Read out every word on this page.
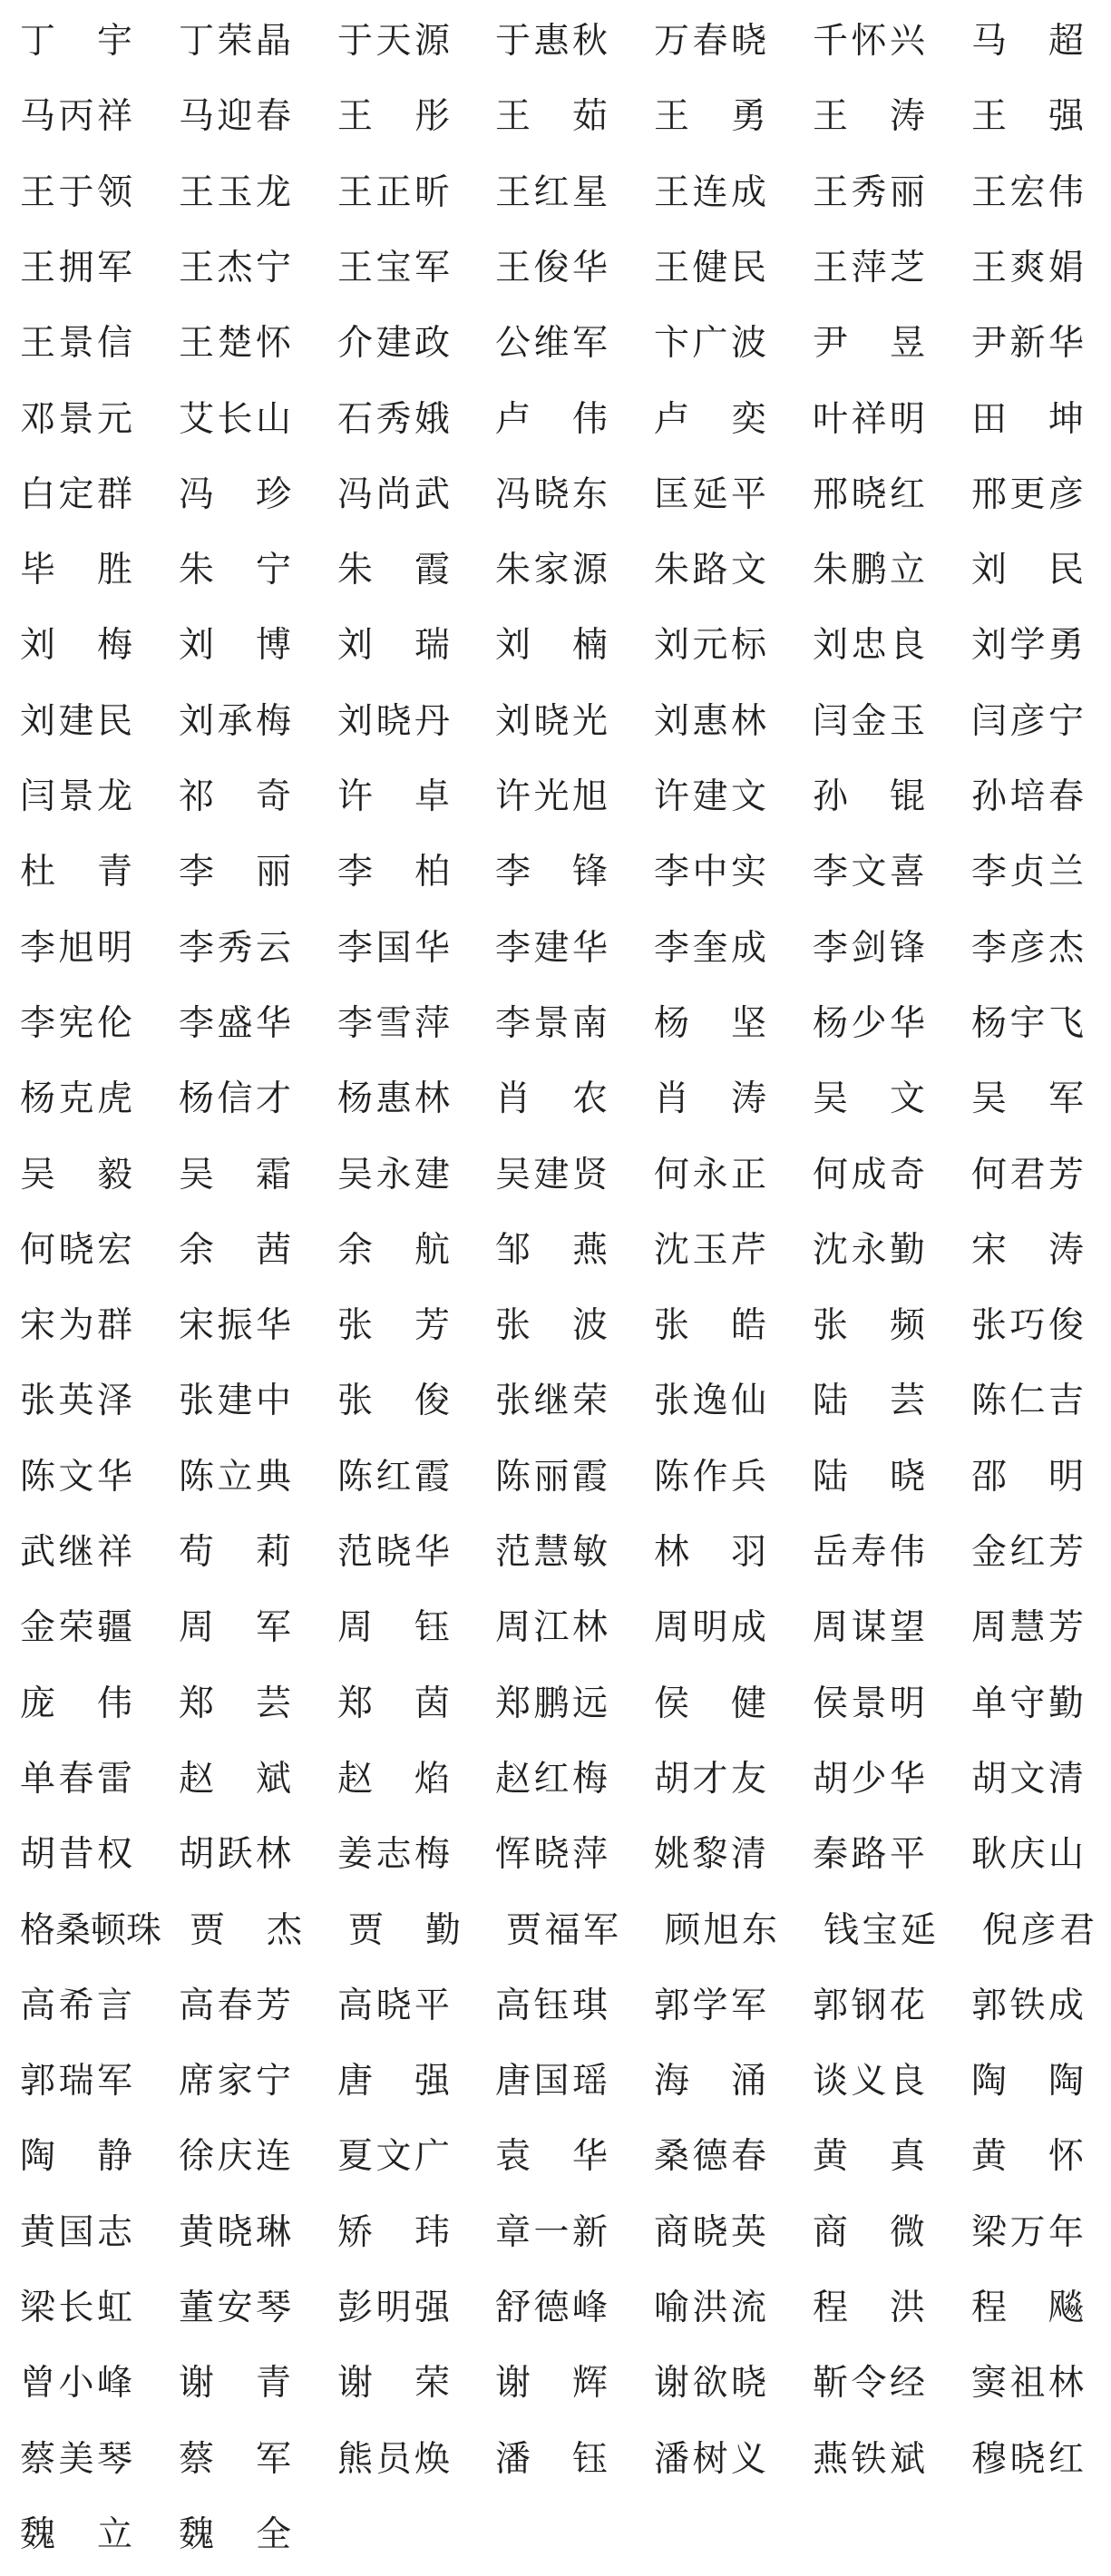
丁　宇 丁荣晶 于天源 于惠秋 万春晓 千怀兴 马　超
马丙祥 马迎春 王　彤 王　茹 王　勇 王　涛 王　强
王于领 王玉龙 王正昕 王红星 王连成 王秀丽 王宏伟
王拥军 王杰宁 王宝军 王俊华 王健民 王萍芝 王爽娟
王景信 王楚怀 介建政 公维军 卞广波 尹　昱 尹新华
邓景元 艾长山 石秀娥 卢　伟 卢　奕 叶祥明 田　坤
白定群 冯　珍 冯尚武 冯晓东 匡延平 邢晓红 邢更彦
毕　胜 朱　宁 朱　霞 朱家源 朱路文 朱鹏立 刘　民
刘　梅 刘　博 刘　瑞 刘　楠 刘元标 刘忠良 刘学勇
刘建民 刘承梅 刘晓丹 刘晓光 刘惠林 闫金玉 闫彦宁
闫景龙 祁　奇 许　卓 许光旭 许建文 孙　锟 孙培春
杜　青 李　丽 李　柏 李　锋 李中实 李文喜 李贞兰
李旭明 李秀云 李国华 李建华 李奎成 李剑锋 李彦杰
李宪伦 李盛华 李雪萍 李景南 杨　坚 杨少华 杨宇飞
杨克虎 杨信才 杨惠林 肖　农 肖　涛 吴　文 吴　军
吴　毅 吴　霜 吴永建 吴建贤 何永正 何成奇 何君芳
何晓宏 余　茜 余　航 邹　燕 沈玉芹 沈永勤 宋　涛
宋为群 宋振华 张　芳 张　波 张　皓 张　频 张巧俊
张英泽 张建中 张　俊 张继荣 张逸仙 陆　芸 陈仁吉
陈文华 陈立典 陈红霞 陈丽霞 陈作兵 陆　晓 邵　明
武继祥 苟　莉 范晓华 范慧敏 林　羽 岳寿伟 金红芳
金荣疆 周　军 周　钰 周江林 周明成 周谋望 周慧芳
庞　伟 郑　芸 郑　茵 郑鹏远 侯　健 侯景明 单守勤
单春雷 赵　斌 赵　焰 赵红梅 胡才友 胡少华 胡文清
胡昔权 胡跃林 姜志梅 恽晓萍 姚黎清 秦路平 耿庆山
格桑顿珠 贾　杰 贾　勤 贾福军 顾旭东 钱宝延 倪彦君
高希言 高春芳 高晓平 高钰琪 郭学军 郭钢花 郭铁成
郭瑞军 席家宁 唐　强 唐国瑶 海　涌 谈义良 陶　陶
陶　静 徐庆连 夏文广 袁　华 桑德春 黄　真 黄　怀
黄国志 黄晓琳 矫　玮 章一新 商晓英 商　微 梁万年
梁长虹 董安琴 彭明强 舒德峰 喻洪流 程　洪 程　飚
曾小峰 谢　青 谢　荣 谢　辉 谢欲晓 靳令经 窦祖林
蔡美琴 蔡　军 熊员焕 潘　钰 潘树义 燕铁斌 穆晓红
魏　立 魏　全
